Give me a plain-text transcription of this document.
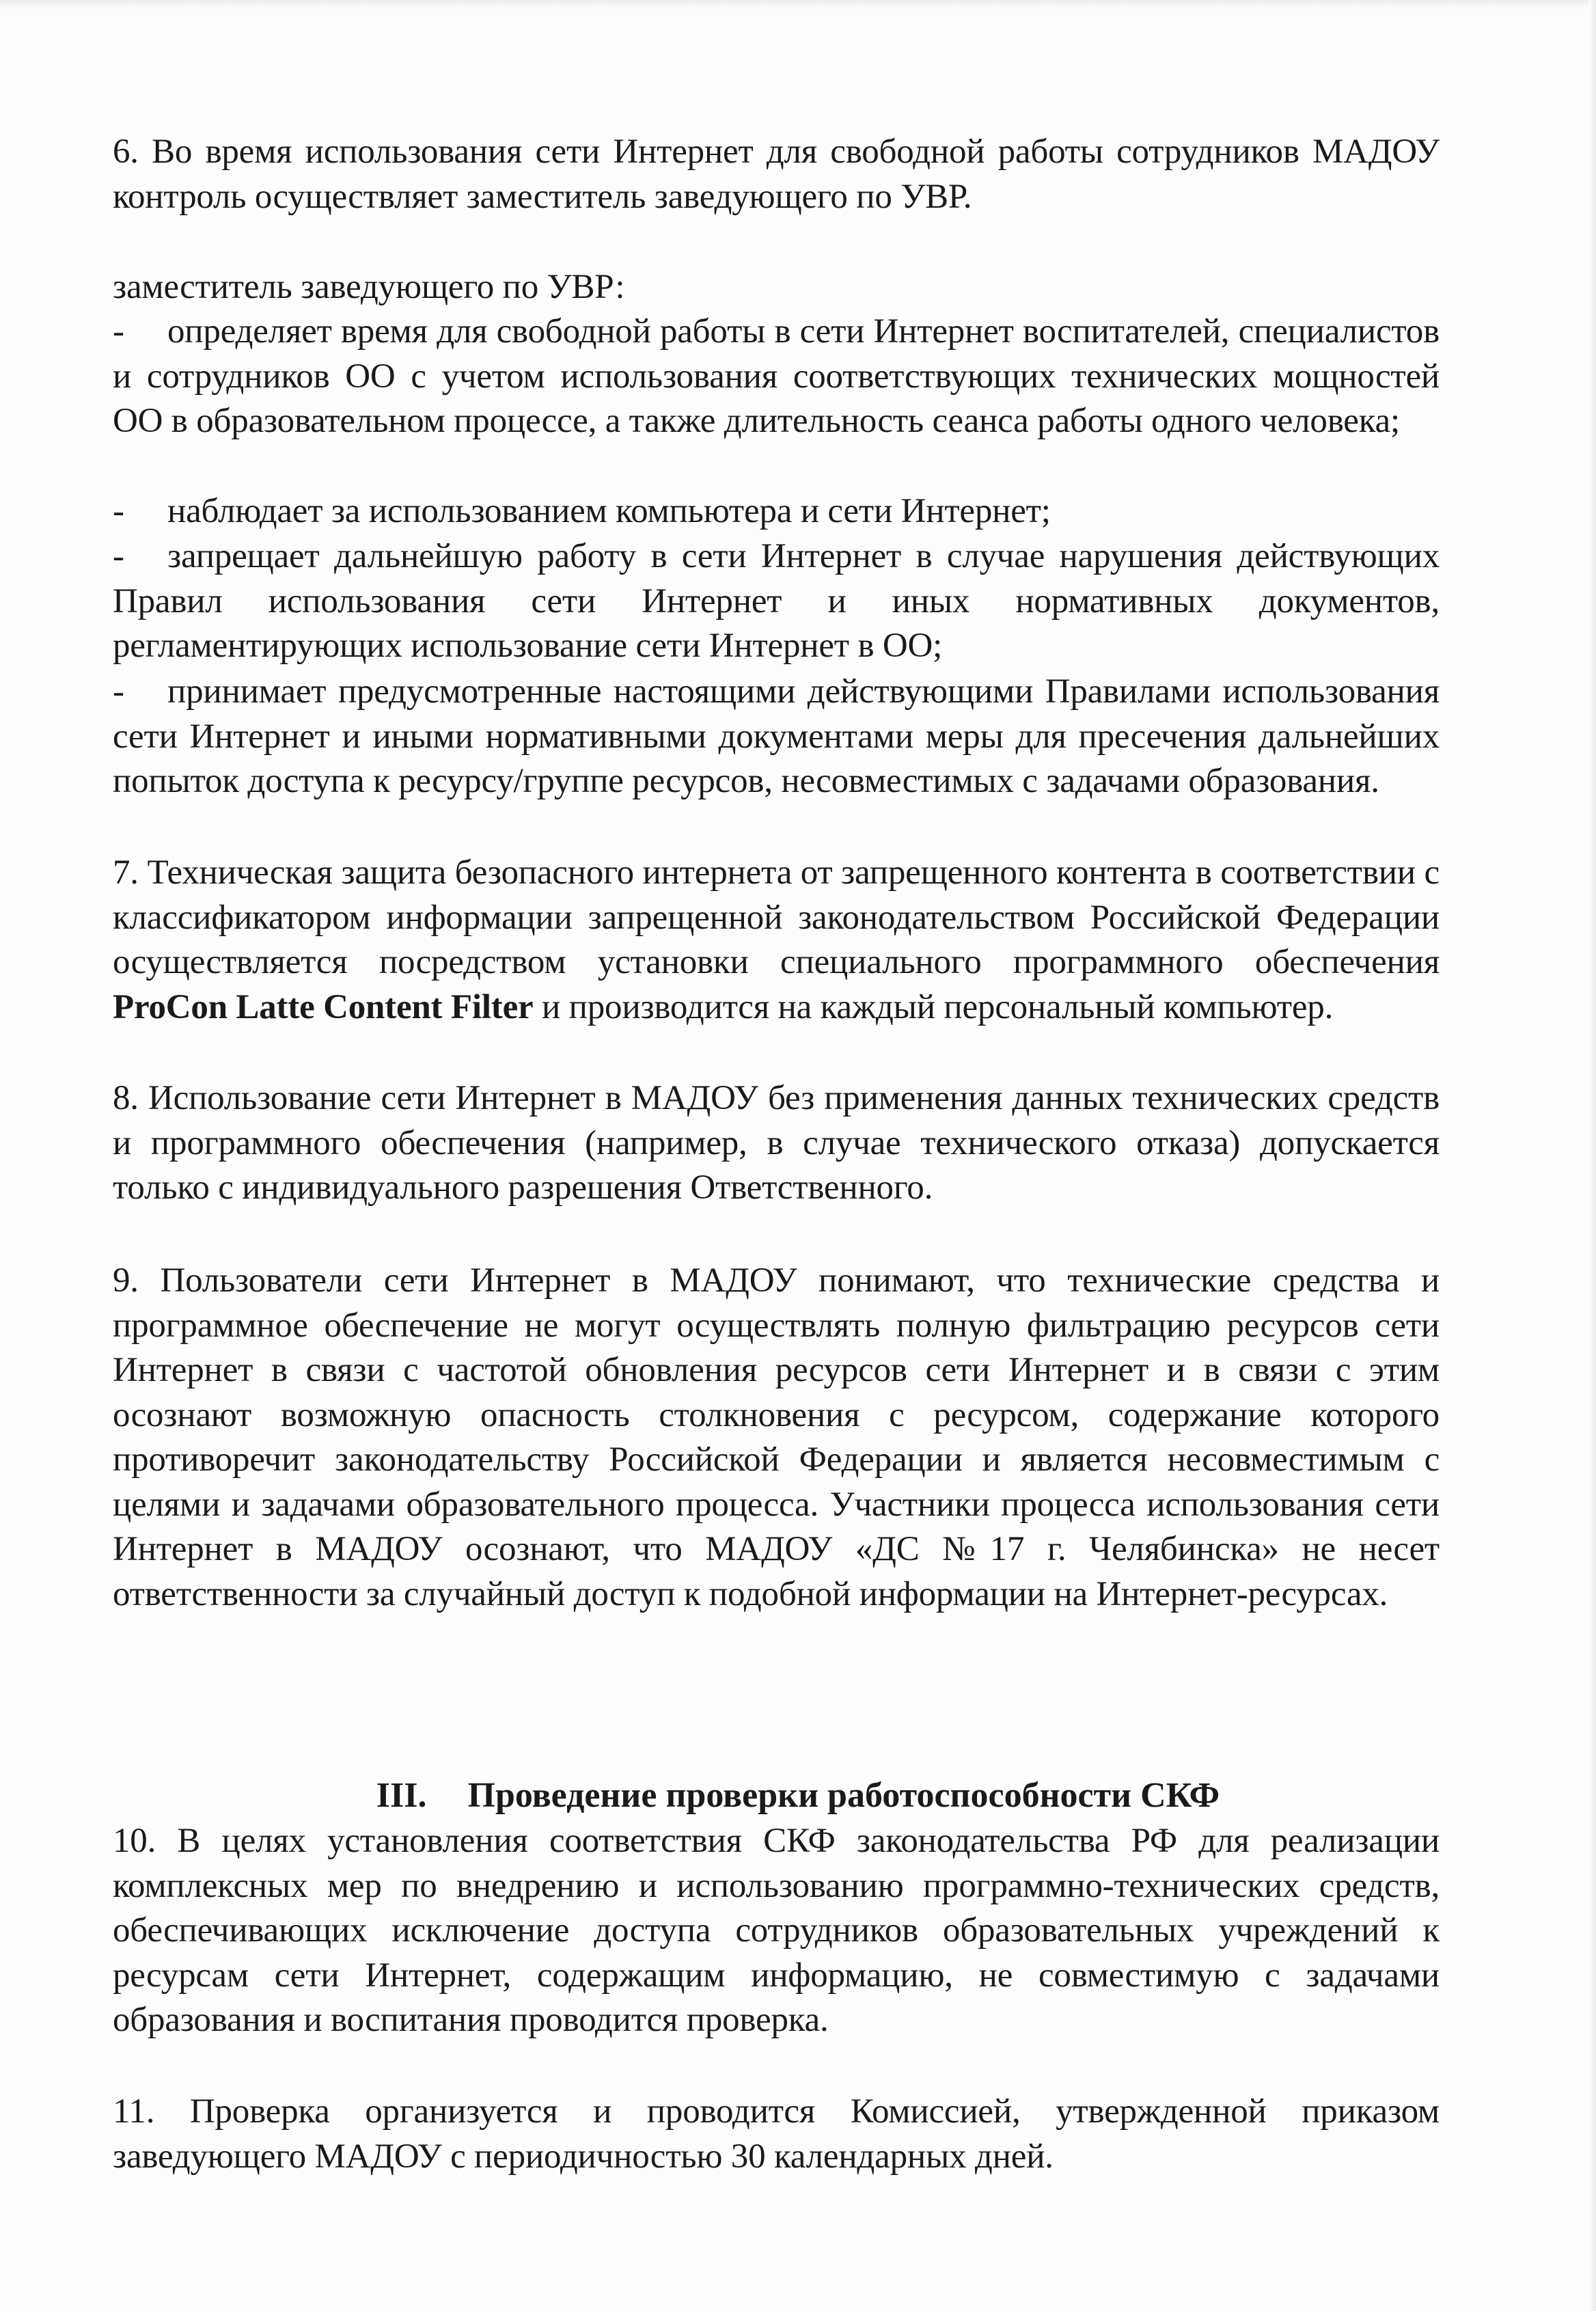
6. Во время использования сети Интернет для свободной работы сотрудников МАДОУ контроль осуществляет заместитель заведующего по УВР.
заместитель заведующего по УВР:
- определяет время для свободной работы в сети Интернет воспитателей, специалистов и сотрудников ОО с учетом использования соответствующих технических мощностей ОО в образовательном процессе, а также длительность сеанса работы одного человека;
- наблюдает за использованием компьютера и сети Интернет;
- запрещает дальнейшую работу в сети Интернет в случае нарушения действующих Правил использования сети Интернет и иных нормативных документов, регламентирующих использование сети Интернет в ОО;
- принимает предусмотренные настоящими действующими Правилами использования сети Интернет и иными нормативными документами меры для пресечения дальнейших попыток доступа к ресурсу/группе ресурсов, несовместимых с задачами образования.
7. Техническая защита безопасного интернета от запрещенного контента в соответствии с классификатором информации запрещенной законодательством Российской Федерации осуществляется посредством установки специального программного обеспечения ProCon Latte Content Filter и производится на каждый персональный компьютер.
8. Использование сети Интернет в МАДОУ без применения данных технических средств и программного обеспечения (например, в случае технического отказа) допускается только с индивидуального разрешения Ответственного.
9. Пользователи сети Интернет в МАДОУ понимают, что технические средства и программное обеспечение не могут осуществлять полную фильтрацию ресурсов сети Интернет в связи с частотой обновления ресурсов сети Интернет и в связи с этим осознают возможную опасность столкновения с ресурсом, содержание которого противоречит законодательству Российской Федерации и является несовместимым с целями и задачами образовательного процесса. Участники процесса использования сети Интернет в МАДОУ осознают, что МАДОУ «ДС №17 г. Челябинска» не несет ответственности за случайный доступ к подобной информации на Интернет-ресурсах.
III. Проведение проверки работоспособности СКФ
10. В целях установления соответствия СКФ законодательства РФ для реализации комплексных мер по внедрению и использованию программно-технических средств, обеспечивающих исключение доступа сотрудников образовательных учреждений к ресурсам сети Интернет, содержащим информацию, не совместимую с задачами образования и воспитания проводится проверка.
11. Проверка организуется и проводится Комиссией, утвержденной приказом заведующего МАДОУ с периодичностью 30 календарных дней.
